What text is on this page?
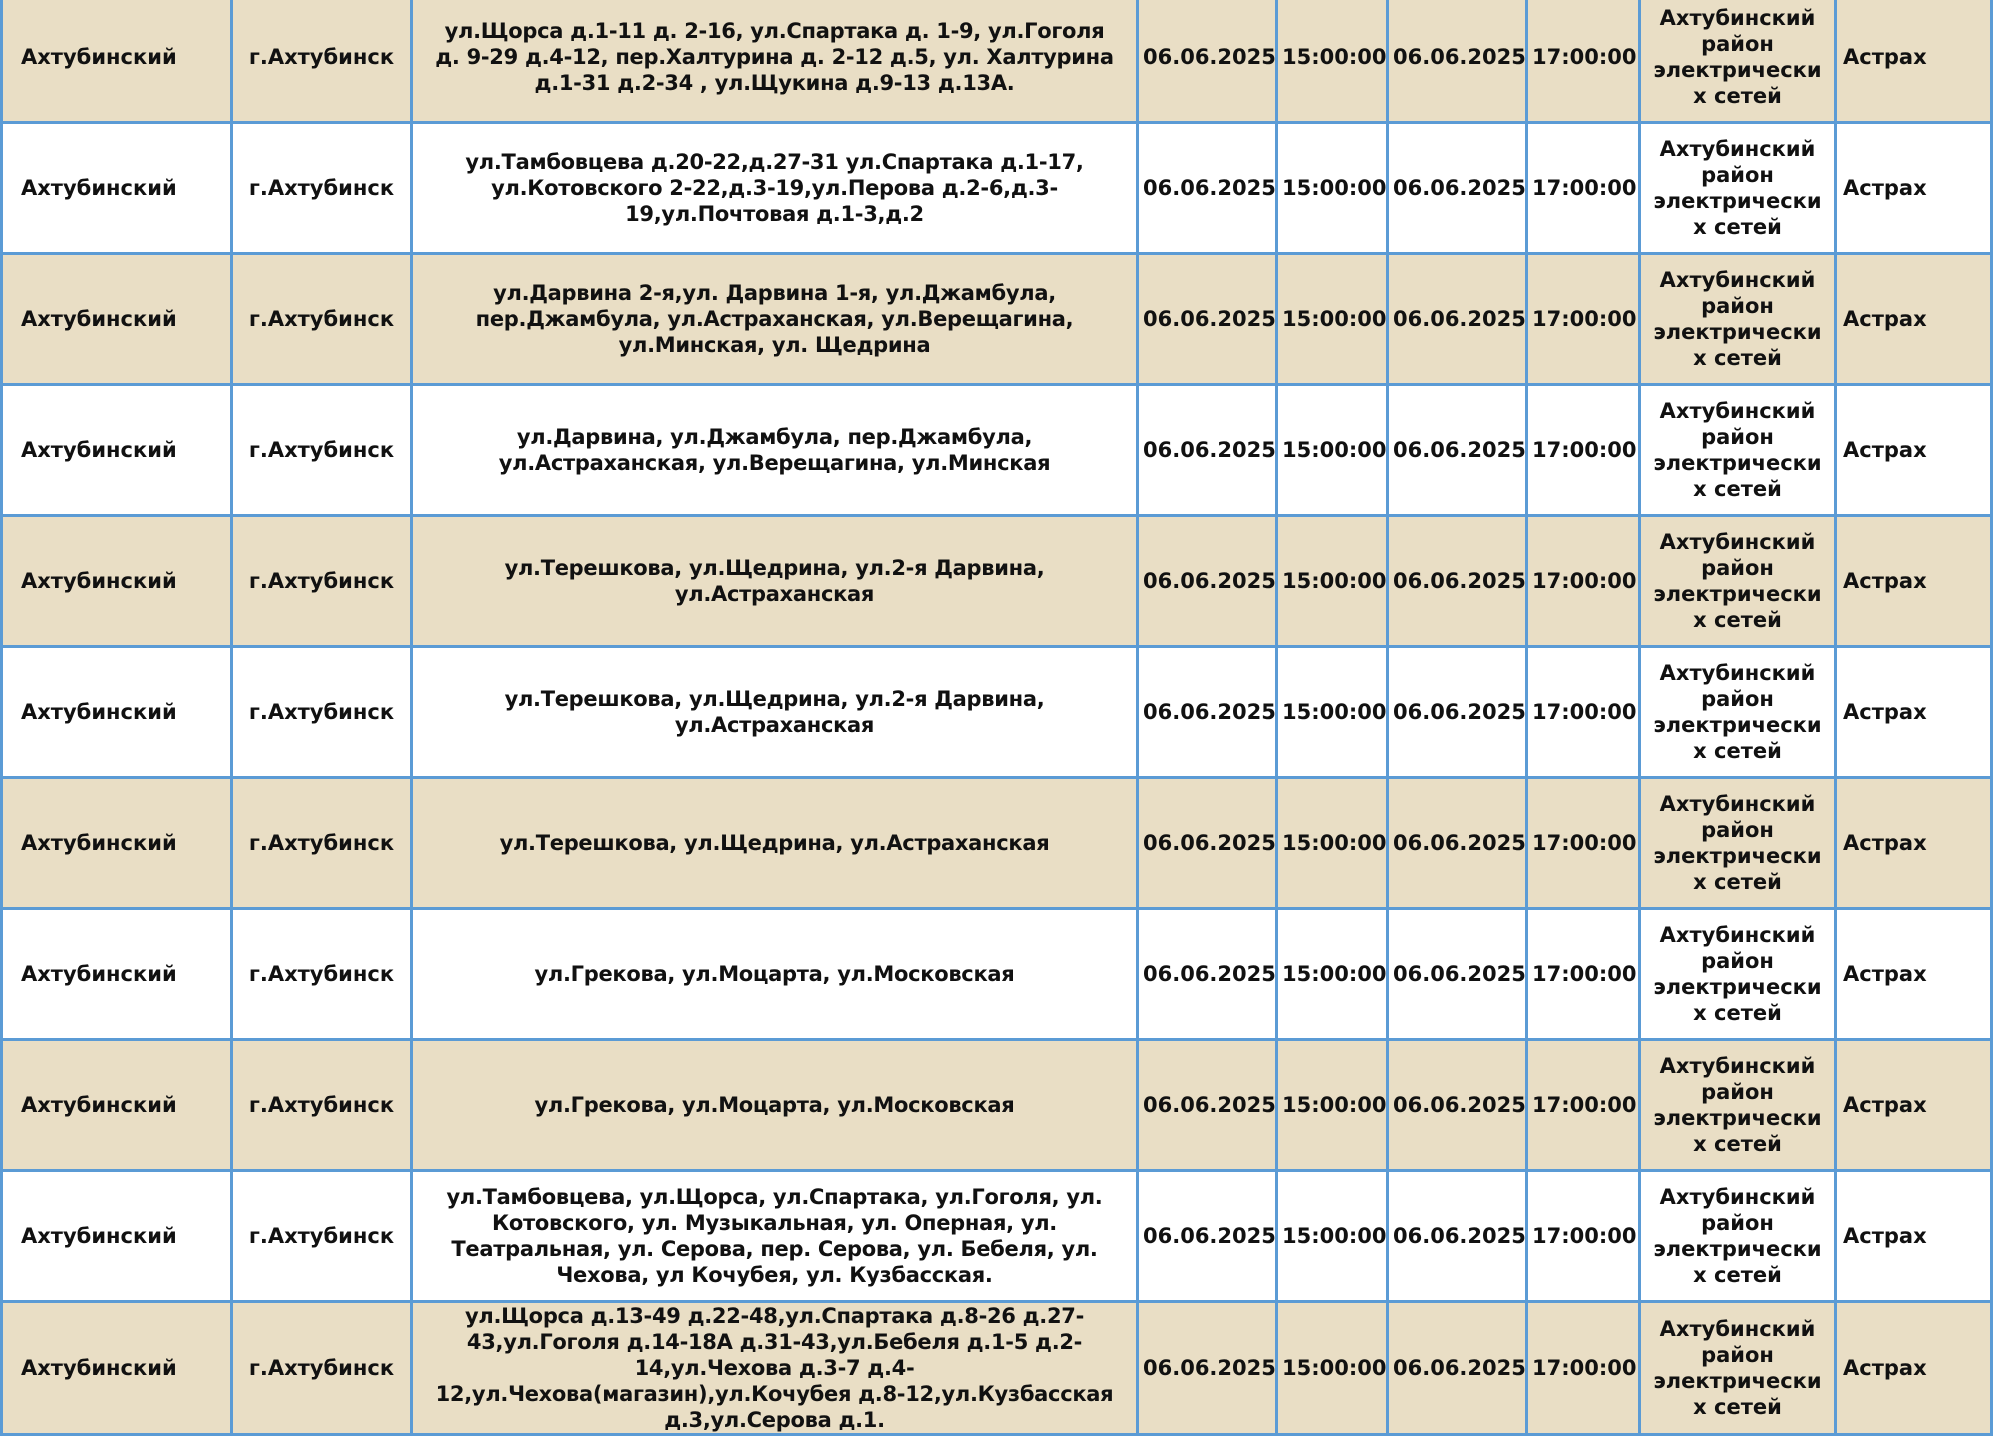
Ахтубинский	г.Ахтубинск	ул.Щорса д.1-11 д. 2-16, ул.Спартака д. 1-9, ул.Гоголя д. 9-29 д.4-12, пер.Халтурина д. 2-12 д.5, ул. Халтурина д.1-31 д.2-34 , ул.Щукина д.9-13 д.13А.	06.06.2025	15:00:00	06.06.2025	17:00:00	Ахтубинский район электрических сетей	Астрах
Ахтубинский	г.Ахтубинск	ул.Тамбовцева д.20-22,д.27-31 ул.Спартака д.1-17, ул.Котовского 2-22,д.3-19,ул.Перова д.2-6,д.3-19,ул.Почтовая д.1-3,д.2	06.06.2025	15:00:00	06.06.2025	17:00:00	Ахтубинский район электрических сетей	Астрах
Ахтубинский	г.Ахтубинск	ул.Дарвина 2-я,ул. Дарвина 1-я, ул.Джамбула, пер.Джамбула, ул.Астраханская, ул.Верещагина, ул.Минская, ул. Щедрина	06.06.2025	15:00:00	06.06.2025	17:00:00	Ахтубинский район электрических сетей	Астрах
Ахтубинский	г.Ахтубинск	ул.Дарвина, ул.Джамбула, пер.Джамбула, ул.Астраханская, ул.Верещагина, ул.Минская	06.06.2025	15:00:00	06.06.2025	17:00:00	Ахтубинский район электрических сетей	Астрах
Ахтубинский	г.Ахтубинск	ул.Терешкова, ул.Щедрина, ул.2-я Дарвина, ул.Астраханская	06.06.2025	15:00:00	06.06.2025	17:00:00	Ахтубинский район электрических сетей	Астрах
Ахтубинский	г.Ахтубинск	ул.Терешкова, ул.Щедрина, ул.2-я Дарвина, ул.Астраханская	06.06.2025	15:00:00	06.06.2025	17:00:00	Ахтубинский район электрических сетей	Астрах
Ахтубинский	г.Ахтубинск	ул.Терешкова, ул.Щедрина, ул.Астраханская	06.06.2025	15:00:00	06.06.2025	17:00:00	Ахтубинский район электрических сетей	Астрах
Ахтубинский	г.Ахтубинск	ул.Грекова, ул.Моцарта, ул.Московская	06.06.2025	15:00:00	06.06.2025	17:00:00	Ахтубинский район электрических сетей	Астрах
Ахтубинский	г.Ахтубинск	ул.Грекова, ул.Моцарта, ул.Московская	06.06.2025	15:00:00	06.06.2025	17:00:00	Ахтубинский район электрических сетей	Астрах
Ахтубинский	г.Ахтубинск	ул.Тамбовцева, ул.Щорса, ул.Спартака, ул.Гоголя, ул. Котовского, ул. Музыкальная, ул. Оперная, ул. Театральная, ул. Серова, пер. Серова, ул. Бебеля, ул. Чехова, ул Кочубея, ул. Кузбасская.	06.06.2025	15:00:00	06.06.2025	17:00:00	Ахтубинский район электрических сетей	Астрах
Ахтубинский	г.Ахтубинск	ул.Щорса д.13-49 д.22-48,ул.Спартака д.8-26 д.27-43,ул.Гоголя д.14-18А д.31-43,ул.Бебеля д.1-5 д.2-14,ул.Чехова д.3-7 д.4-12,ул.Чехова(магазин),ул.Кочубея д.8-12,ул.Кузбасская д.3,ул.Серова д.1.	06.06.2025	15:00:00	06.06.2025	17:00:00	Ахтубинский район электрических сетей	Астрах
